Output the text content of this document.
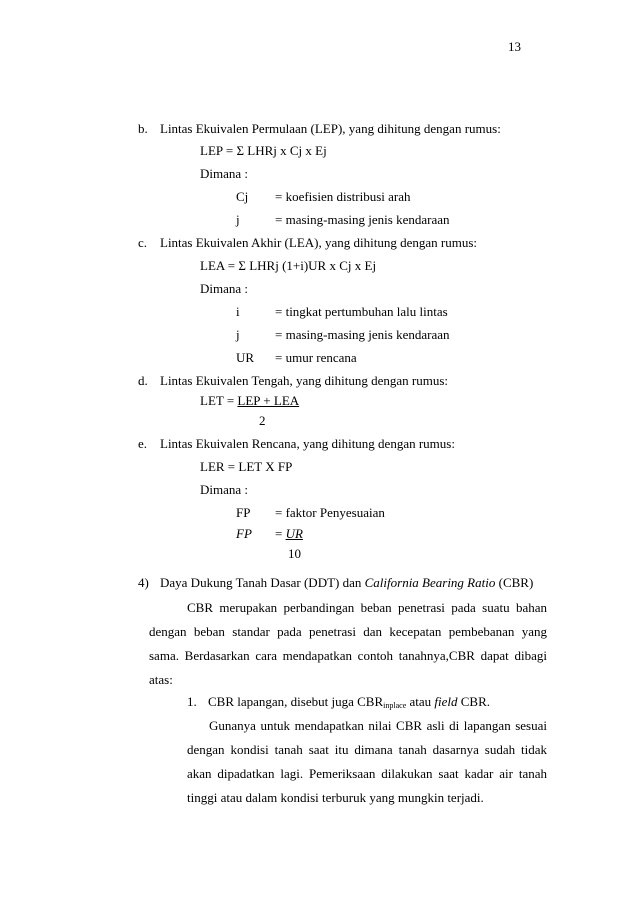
13
b. Lintas Ekuivalen Permulaan (LEP), yang dihitung dengan rumus:
LEP = Σ LHRj x Cj x Ej
Dimana :
Cj = koefisien distribusi arah
j	= masing-masing jenis kendaraan
c. Lintas Ekuivalen Akhir (LEA), yang dihitung dengan rumus:
LEA = Σ LHRj (1+i)UR x Cj x Ej
Dimana :
i	= tingkat pertumbuhan lalu lintas
j	= masing-masing jenis kendaraan
UR = umur rencana
d. Lintas Ekuivalen Tengah, yang dihitung dengan rumus:
LET = LEP + LEA
2
e. Lintas Ekuivalen Rencana, yang dihitung dengan rumus:
LER = LET X FP
Dimana :
FP = faktor Penyesuaian
FP = UR
10
4) Daya Dukung Tanah Dasar (DDT) dan California Bearing Ratio (CBR)
CBR merupakan perbandingan beban penetrasi pada suatu bahan
dengan beban standar pada penetrasi dan kecepatan pembebanan yang
sama. Berdasarkan cara mendapatkan contoh tanahnya,CBR dapat dibagi
atas:
1. CBR lapangan, disebut juga $CBR_{inplace}$ atau field CBR.
Gunanya untuk mendapatkan nilai CBR asli di lapangan sesuai
dengan kondisi tanah saat itu dimana tanah dasarnya sudah tidak
akan dipadatkan lagi. Pemeriksaan dilakukan saat kadar air tanah
tinggi atau dalam kondisi terburuk yang mungkin terjadi.
